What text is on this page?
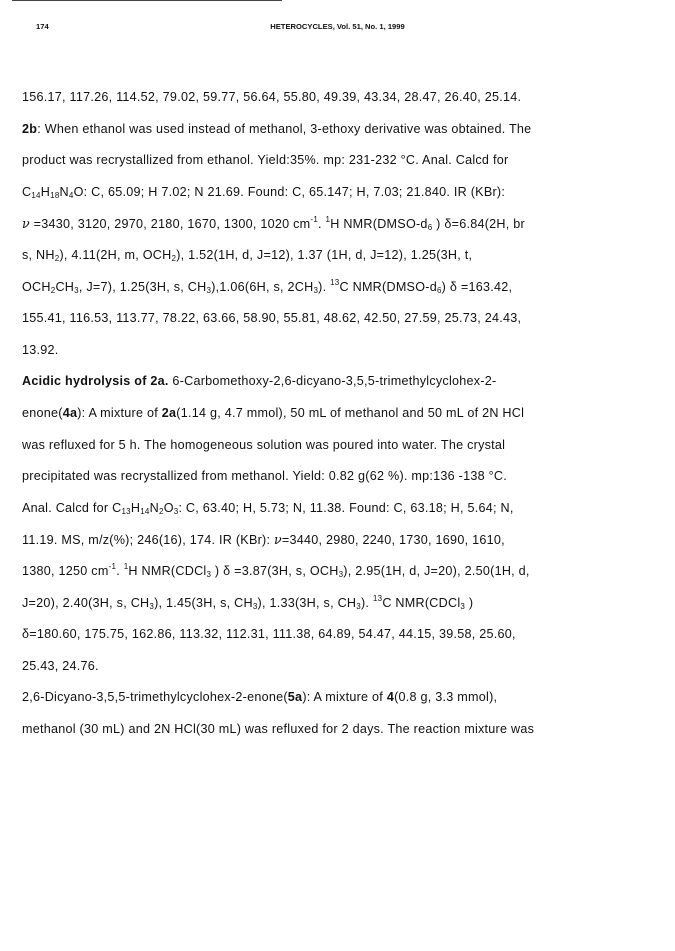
174	HETEROCYCLES, Vol. 51, No. 1, 1999
156.17, 117.26, 114.52, 79.02, 59.77, 56.64, 55.80, 49.39, 43.34, 28.47, 26.40, 25.14.
2b: When ethanol was used instead of methanol, 3-ethoxy derivative was obtained. The
product was recrystallized from ethanol. Yield:35%. mp: 231-232 °C. Anal. Calcd for
$C_{14}H_{18}N_4O$: C, 65.09; H 7.02; N 21.69. Found: C, 65.147; H, 7.03; 21.840. IR (KBr):
ν =3430, 3120, 2970, 2180, 1670, 1300, 1020 $cm^{-1}$. $^1$H $NMR(DMSO-d_6$ ) δ=6.84(2H, br
s, $NH_2$), 4.11(2H, m, $OCH_2$), 1.52(1H, d, J=12), 1.37 (1H, d, J=12), 1.25(3H, t,
$OCH_2CH_3$, J=7), 1.25(3H, s, $CH_3),1.06(6H$, s, $2CH_3$). $^{13}$C $NMR(DMSO-d_6)$ δ =163.42,
155.41, 116.53, 113.77, 78.22, 63.66, 58.90, 55.81, 48.62, 42.50, 27.59, 25.73, 24.43,
13.92.
Acidic hydrolysis of 2a. 6-Carbomethoxy-2,6-dicyano-3,5,5-trimethylcyclohex-2-
enone(4a): A mixture of 2a(1.14 g, 4.7 mmol), 50 mL of methanol and 50 mL of 2N HCl
was refluxed for 5 h. The homogeneous solution was poured into water. The crystal
precipitated was recrystallized from methanol. Yield: 0.82 g(62 %). mp:136 -138 °C.
Anal. Calcd for $C_{13}H_{14}N_2O_3$: C, 63.40; H, 5.73; N, 11.38. Found: C, 63.18; H, 5.64; N,
11.19. MS, m/z(%); 246(16), 174. IR (KBr): ν=3440, 2980, 2240, 1730, 1690, 1610,
1380, 1250 $cm^{-1}$. $^1$H NMR(CDCl$_3$ ) δ =3.87(3H, s, $OCH_3$), 2.95(1H, d, J=20), 2.50(1H, d,
J=20), 2.40(3H, s, $CH_3$), 1.45(3H, s, $CH_3$), 1.33(3H, s, $CH_3$). $^{13}$C NMR(CDCl$_3$ )
δ=180.60, 175.75, 162.86, 113.32, 112.31, 111.38, 64.89, 54.47, 44.15, 39.58, 25.60,
25.43, 24.76.
2,6-Dicyano-3,5,5-trimethylcyclohex-2-enone(5a): A mixture of 4(0.8 g, 3.3 mmol),
methanol (30 mL) and 2N HCl(30 mL) was refluxed for 2 days. The reaction mixture was
